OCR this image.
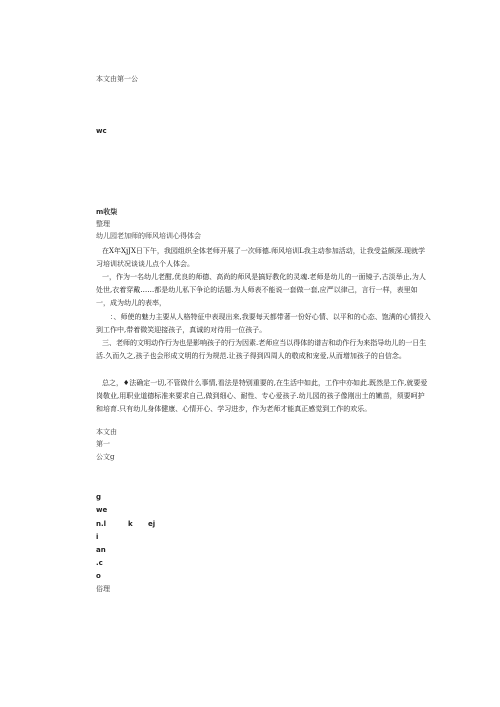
本文由第一公
wc
m收柒
整理
幼儿园老加师的师风培训心得体会
在X年XjJX日下午，我园组织全体老师开展了一次师德.师风培训L我主动参加活动，让我受益颇深.现就学习培训状况谈谈儿点个人体会。
一，作为一名幼儿老酣,优良的师德、高尚的师风是搞好教化的灵魂.老师是幼儿的一面镜子,古淡举止,为人处世,衣着穿戴……都是幼儿私下争论的话题.为人师表不能说一套做一套,应严以律己，言行一样，表里如一，成为幼儿的表率，
：、师使的魅力主要从人格特征中表现出来,我要每天都带著一份好心情、以平和的心态、饱满的心情投入到工作中,带着微笑迎接孩子，真诚的对待用一位孩子。
三、老师的文明动作行为也是影响孩子的行为因素.老师应当以得体的谱吉和动作行为来指导幼儿的一日生活.久而久之,孩子也会形成文明的行为规范.让孩子得到四周人的敬成和宠爱,从而增加孩子的自信念。
总之，♦法确定一切,不管做什么事情,看法是特别重要的,在生活中如此，工作中亦如此.既然是工作,就要爱岗敬业,用职业道德标准来要求自己,做到细心、耐性、专心爱孩子.幼儿园的孩子像刚出土的嫩苗，须要呵护和培育.只有幼儿身体健康、心情开心、学习进步，作为老师才能真正感觉到工作的欢乐。
本文由
第一
公文g
g
we
n.l	k ej
i
an
.c
o
俗理
